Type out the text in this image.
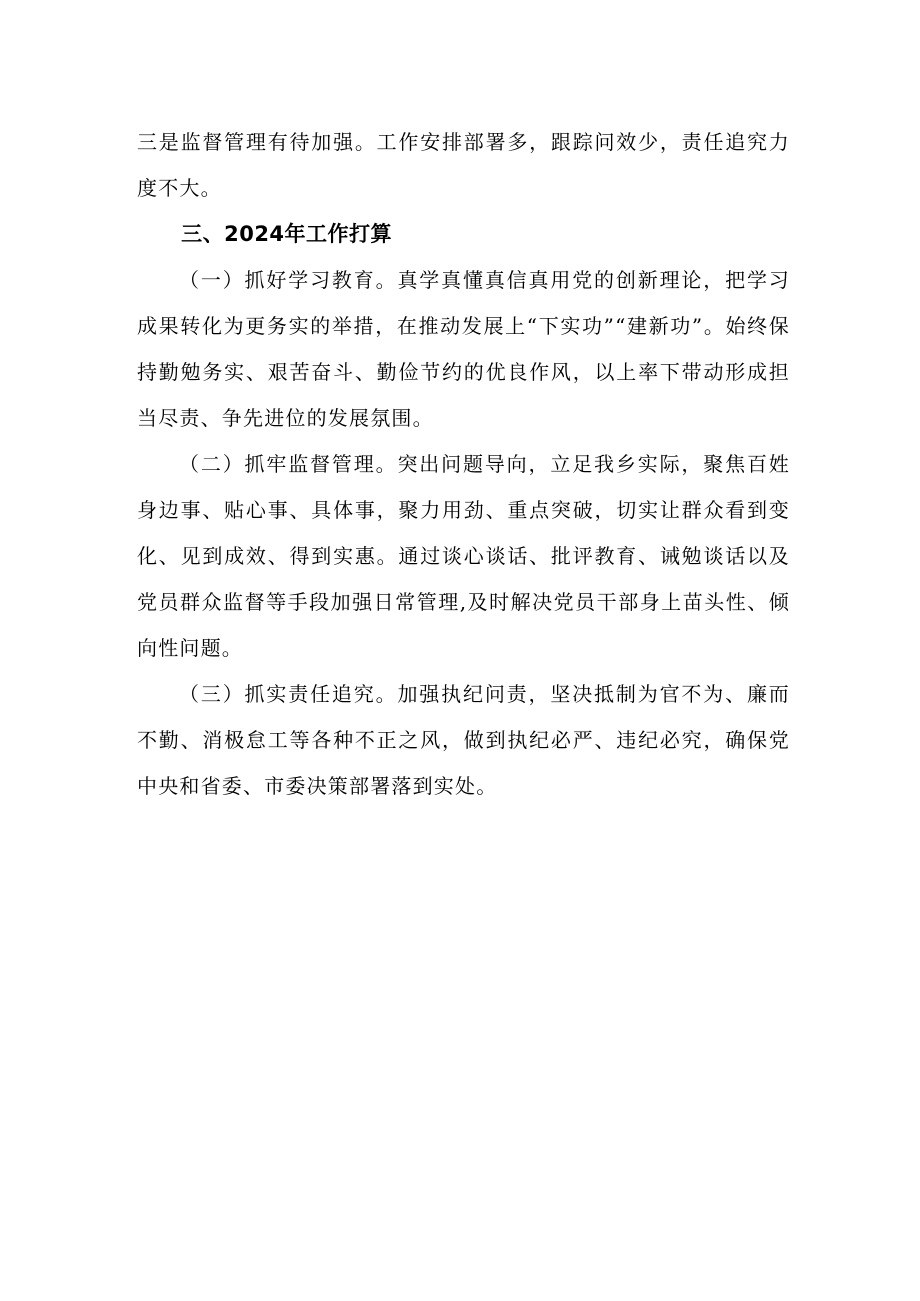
三是监督管理有待加强。工作安排部署多，跟踪问效少，责任追究力度不大。

三、2024年工作打算

（一）抓好学习教育。真学真懂真信真用党的创新理论，把学习成果转化为更务实的举措，在推动发展上“下实功”“建新功”。始终保持勤勉务实、艰苦奋斗、勤俭节约的优良作风，以上率下带动形成担当尽责、争先进位的发展氛围。

（二）抓牢监督管理。突出问题导向，立足我乡实际，聚焦百姓身边事、贴心事、具体事，聚力用劲、重点突破，切实让群众看到变化、见到成效、得到实惠。通过谈心谈话、批评教育、诫勉谈话以及党员群众监督等手段加强日常管理,及时解决党员干部身上苗头性、倾向性问题。

（三）抓实责任追究。加强执纪问责，坚决抵制为官不为、廉而不勤、消极怠工等各种不正之风，做到执纪必严、违纪必究，确保党中央和省委、市委决策部署落到实处。
